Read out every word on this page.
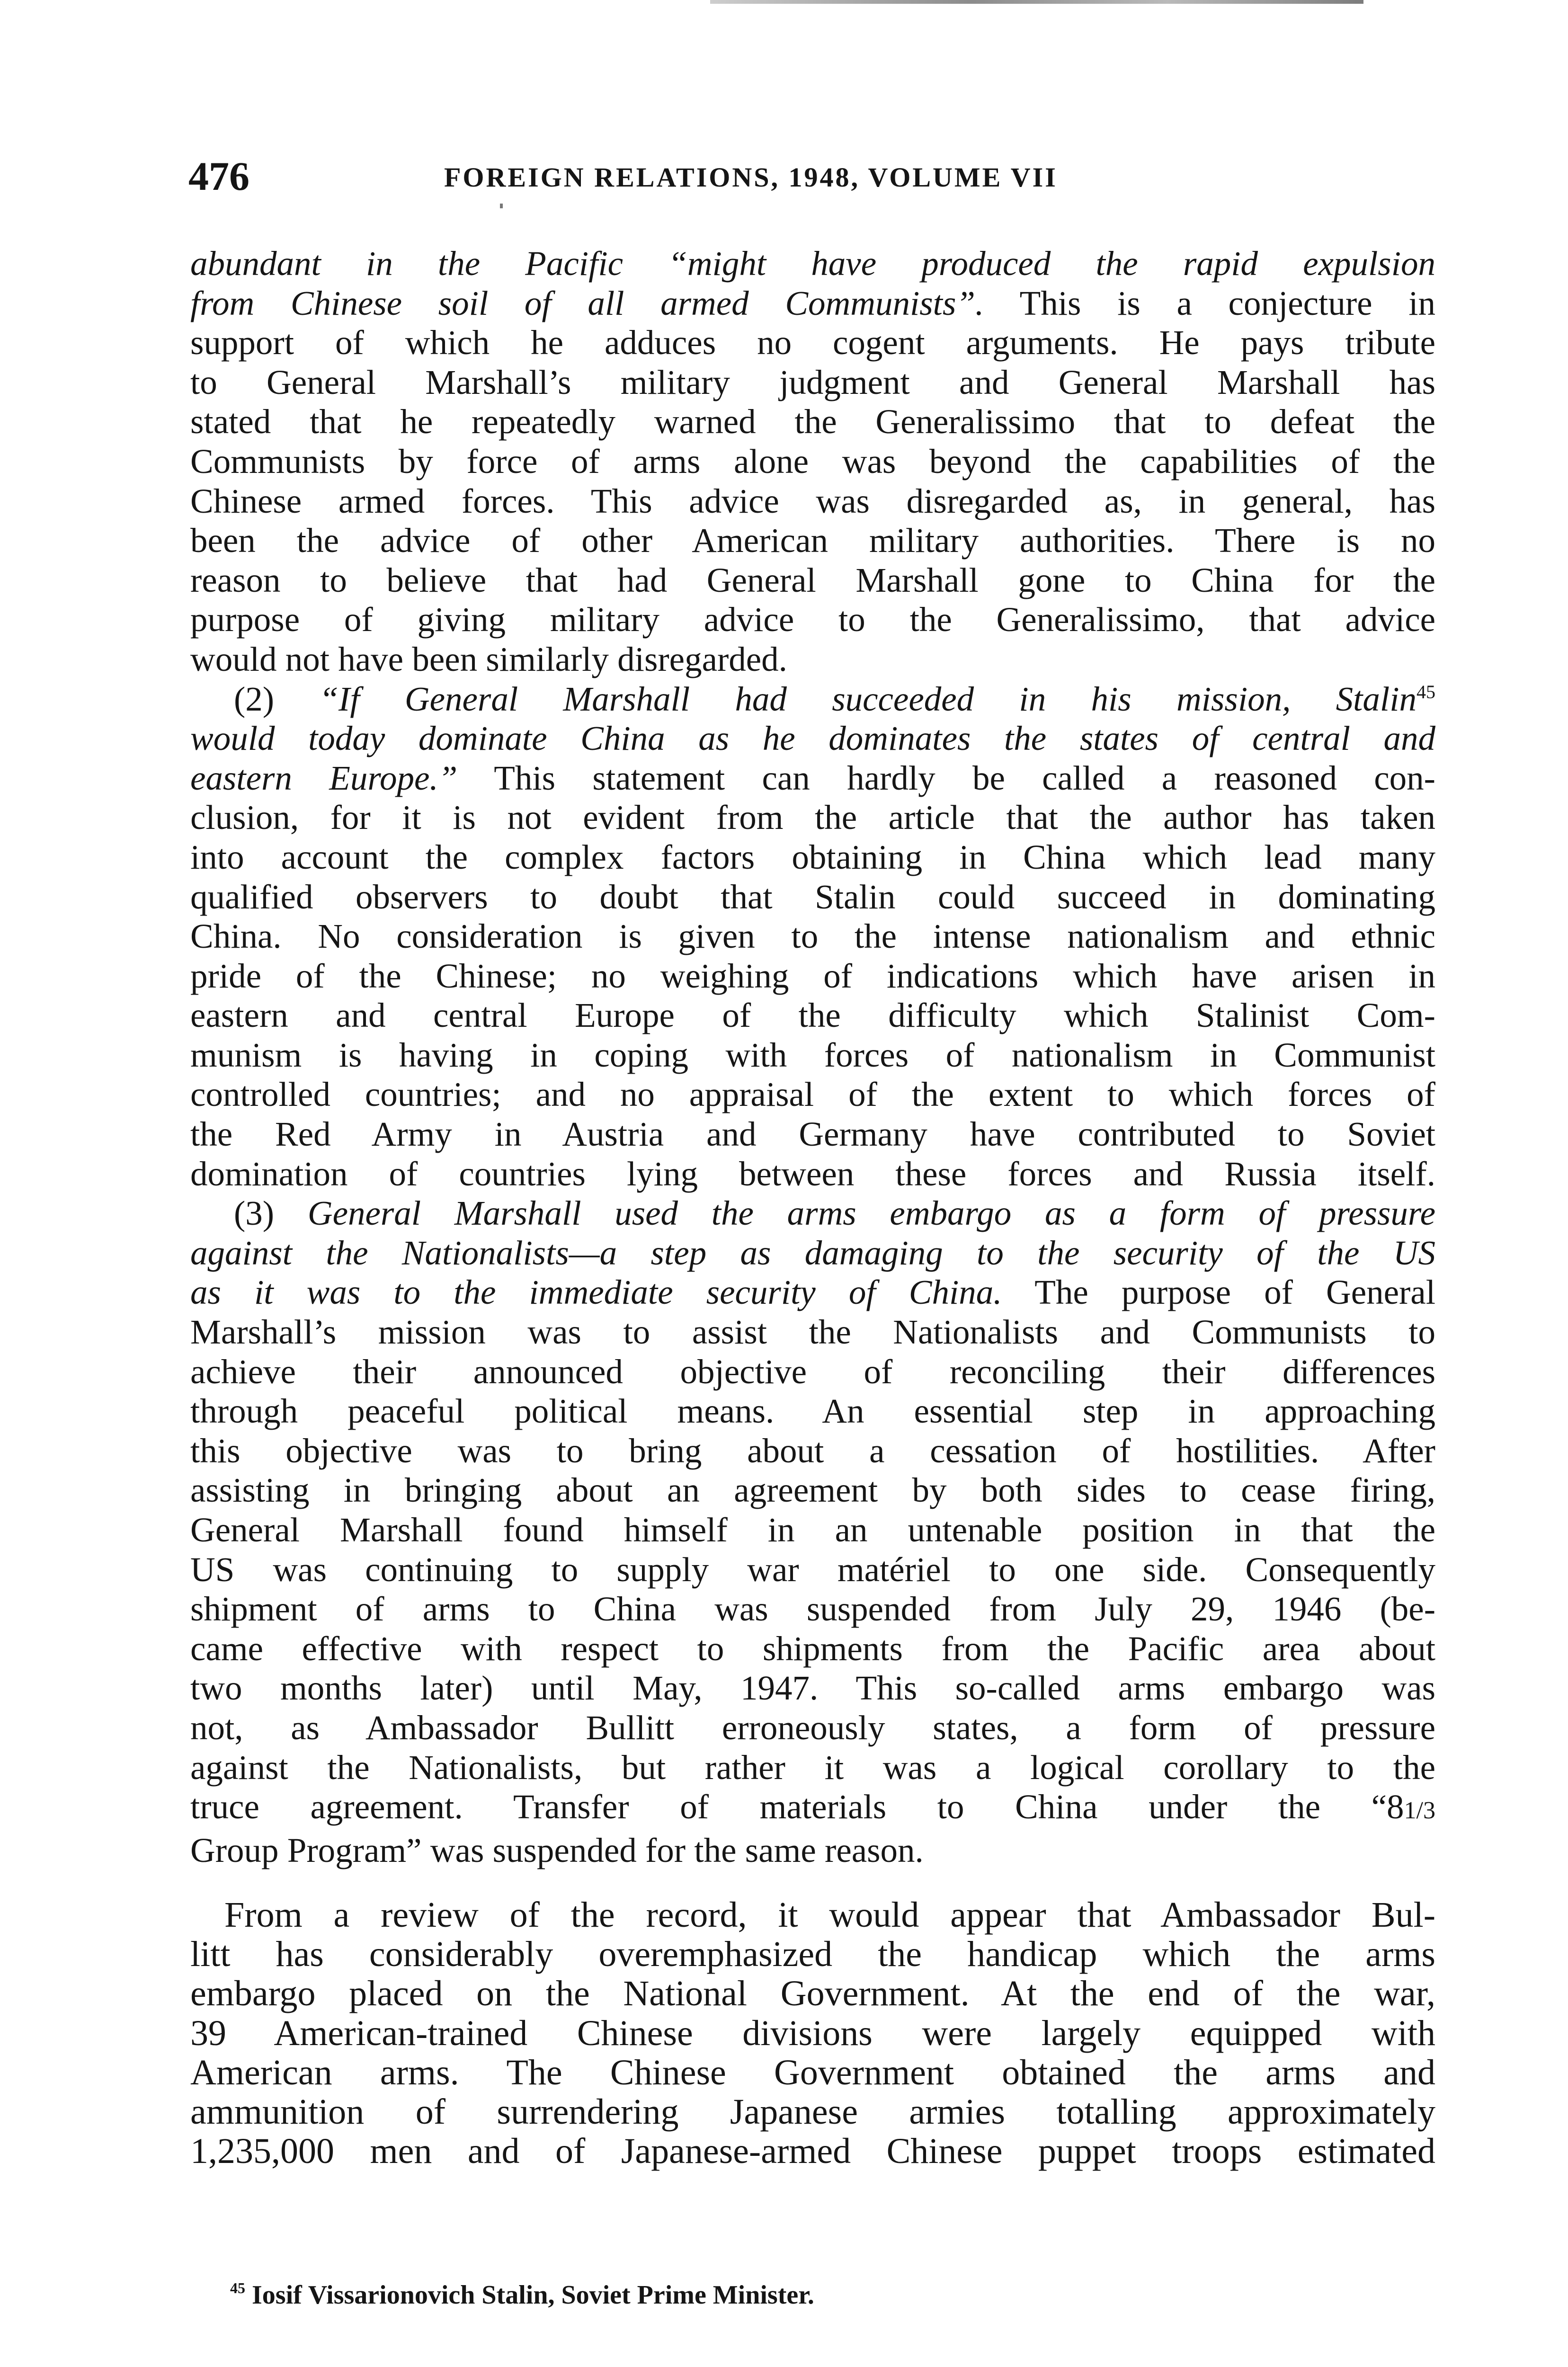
476	FOREIGN RELATIONS, 1948, VOLUME VII
abundant in the Pacific “might have produced the rapid expulsion
from Chinese soil of all armed Communists”. This is a conjecture in
support of which he adduces no cogent arguments. He pays tribute
to General Marshall’s military judgment and General Marshall has
stated that he repeatedly warned the Generalissimo that to defeat the
Communists by force of arms alone was beyond the capabilities of the
Chinese armed forces. This advice was disregarded as, in general, has
been the advice of other American military authorities. There is no
reason to believe that had General Marshall gone to China for the
purpose of giving military advice to the Generalissimo, that advice
would not have been similarly disregarded.
(2) “If General Marshall had succeeded in his mission, Stalin$^{45}$
would today dominate China as he dominates the states of central and
eastern Europe.” This statement can hardly be called a reasoned con-
clusion, for it is not evident from the article that the author has taken
into account the complex factors obtaining in China which lead many
qualified observers to doubt that Stalin could succeed in dominating
China. No consideration is given to the intense nationalism and ethnic
pride of the Chinese; no weighing of indications which have arisen in
eastern and central Europe of the difficulty which Stalinist Com-
munism is having in coping with forces of nationalism in Communist
controlled countries; and no appraisal of the extent to which forces of
the Red Army in Austria and Germany have contributed to Soviet
domination of countries lying between these forces and Russia itself.
(3) General Marshall used the arms embargo as a form of pressure
against the Nationalists—a step as damaging to the security of the US
as it was to the immediate security of China. The purpose of General
Marshall’s mission was to assist the Nationalists and Communists to
achieve their announced objective of reconciling their differences
through peaceful political means. An essential step in approaching
this objective was to bring about a cessation of hostilities. After
assisting in bringing about an agreement by both sides to cease firing,
General Marshall found himself in an untenable position in that the
US was continuing to supply war matériel to one side. Consequently
shipment of arms to China was suspended from July 29, 1946 (be-
came effective with respect to shipments from the Pacific area about
two months later) until May, 1947. This so-called arms embargo was
not, as Ambassador Bullitt erroneously states, a form of pressure
against the Nationalists, but rather it was a logical corollary to the
truce agreement. Transfer of materials to China under the “81/3
Group Program” was suspended for the same reason.
From a review of the record, it would appear that Ambassador Bul-
litt has considerably overemphasized the handicap which the arms
embargo placed on the National Government. At the end of the war,
39 American-trained Chinese divisions were largely equipped with
American arms. The Chinese Government obtained the arms and
ammunition of surrendering Japanese armies totalling approximately
1,235,000 men and of Japanese-armed Chinese puppet troops estimated
$^{45}$ Iosif Vissarionovich Stalin, Soviet Prime Minister.
